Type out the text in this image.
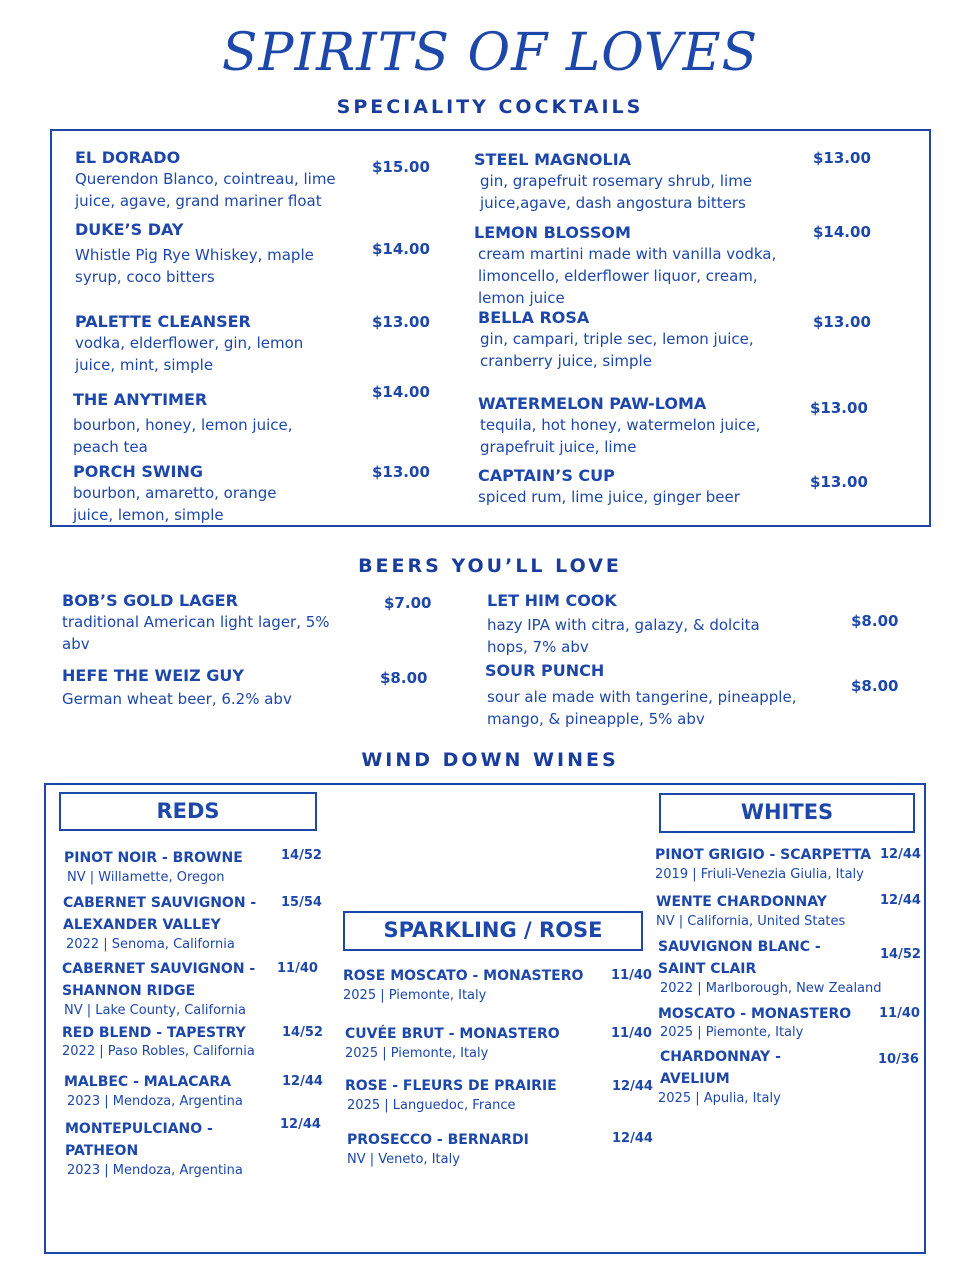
SPIRITS OF LOVES
SPECIALITY COCKTAILS
EL DORADO
Querendon Blanco, cointreau, lime juice, agave, grand mariner float
$15.00
DUKE’S DAY
Whistle Pig Rye Whiskey, maple syrup, coco bitters
$14.00
PALETTE CLEANSER
vodka, elderflower, gin, lemon juice, mint, simple
$13.00
THE ANYTIMER
bourbon, honey, lemon juice, peach tea
$14.00
PORCH SWING
bourbon, amaretto, orange juice, lemon, simple
$13.00
STEEL MAGNOLIA
gin, grapefruit rosemary shrub, lime juice,agave, dash angostura bitters
$13.00
LEMON BLOSSOM
cream martini made with vanilla vodka, limoncello, elderflower liquor, cream, lemon juice
$14.00
BELLA ROSA
gin, campari, triple sec, lemon juice, cranberry juice, simple
$13.00
WATERMELON PAW-LOMA
tequila, hot honey, watermelon juice, grapefruit juice, lime
$13.00
CAPTAIN’S CUP
spiced rum, lime juice, ginger beer
$13.00
BEERS YOU’LL LOVE
BOB’S GOLD LAGER
traditional American light lager, 5% abv
$7.00
HEFE THE WEIZ GUY
German wheat beer, 6.2% abv
$8.00
LET HIM COOK
hazy IPA with citra, galazy, & dolcita hops, 7% abv
$8.00
SOUR PUNCH
sour ale made with tangerine, pineapple, mango, & pineapple, 5% abv
$8.00
WIND DOWN WINES
REDS	WHITES
SPARKLING / ROSE
PINOT NOIR - BROWNE
NV | Willamette, Oregon
14/52
CABERNET SAUVIGNON - ALEXANDER VALLEY
2022 | Senoma, California
15/54
CABERNET SAUVIGNON - SHANNON RIDGE
NV | Lake County, California
11/40
RED BLEND - TAPESTRY
2022 | Paso Robles, California
14/52
MALBEC - MALACARA
2023 | Mendoza, Argentina
12/44
MONTEPULCIANO - PATHEON
2023 | Mendoza, Argentina
12/44
ROSE MOSCATO - MONASTERO
2025 | Piemonte, Italy
11/40
CUVÉE BRUT - MONASTERO
2025 | Piemonte, Italy
11/40
ROSE - FLEURS DE PRAIRIE
2025 | Languedoc, France
12/44
PROSECCO - BERNARDI
NV | Veneto, Italy
12/44
PINOT GRIGIO - SCARPETTA
2019 | Friuli-Venezia Giulia, Italy
12/44
WENTE CHARDONNAY
NV | California, United States
12/44
SAUVIGNON BLANC - SAINT CLAIR
2022 | Marlborough, New Zealand
14/52
MOSCATO - MONASTERO
2025 | Piemonte, Italy
11/40
CHARDONNAY - AVELIUM
2025 | Apulia, Italy
10/36
